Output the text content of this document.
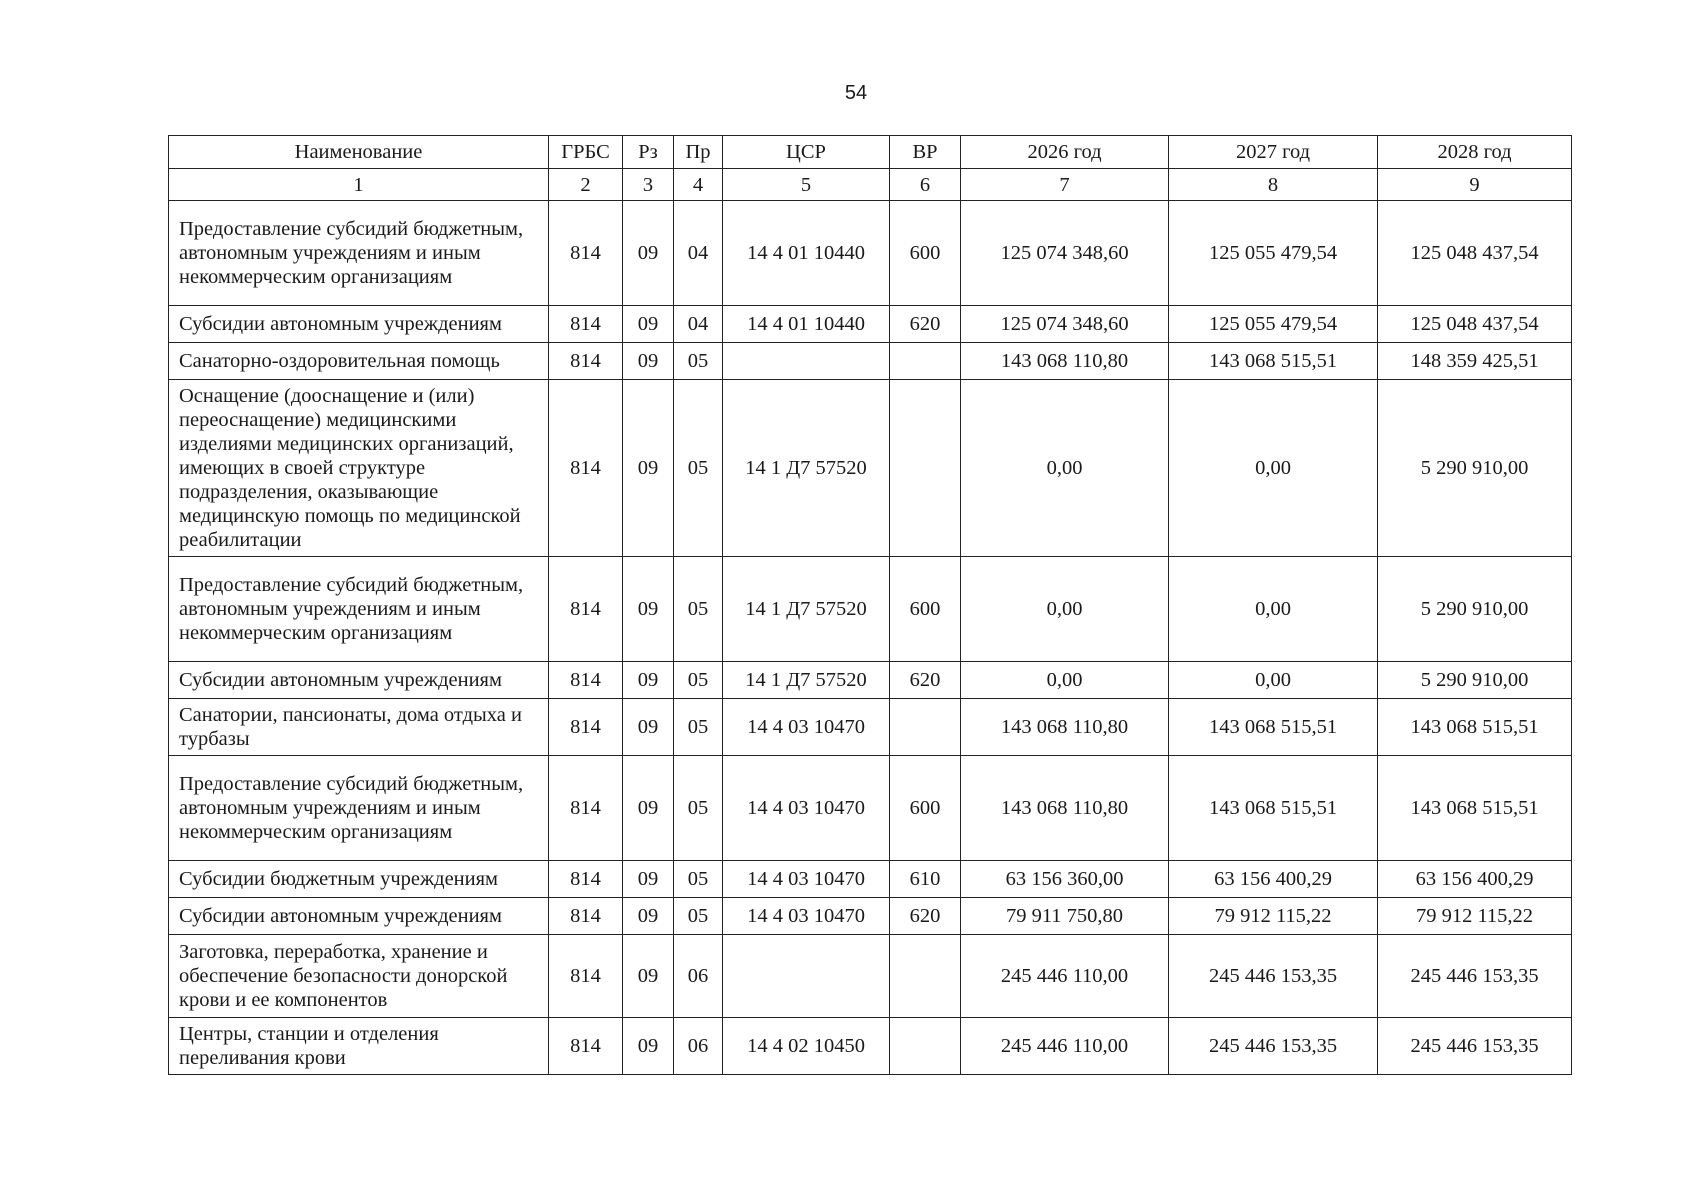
54
Наименование	ГРБС	Рз	Пр	ЦСР	ВР	2026 год	2027 год	2028 год
1	2	3	4	5	6	7	8	9
Предоставление субсидий бюджетным, автономным учреждениям и иным некоммерческим организациям	814	09	04	14 4 01 10440	600	125 074 348,60	125 055 479,54	125 048 437,54
Субсидии автономным учреждениям	814	09	04	14 4 01 10440	620	125 074 348,60	125 055 479,54	125 048 437,54
Санаторно-оздоровительная помощь	814	09	05			143 068 110,80	143 068 515,51	148 359 425,51
Оснащение (дооснащение и (или) переоснащение) медицинскими изделиями медицинских организаций, имеющих в своей структуре подразделения, оказывающие медицинскую помощь по медицинской реабилитации	814	09	05	14 1 Д7 57520		0,00	0,00	5 290 910,00
Предоставление субсидий бюджетным, автономным учреждениям и иным некоммерческим организациям	814	09	05	14 1 Д7 57520	600	0,00	0,00	5 290 910,00
Субсидии автономным учреждениям	814	09	05	14 1 Д7 57520	620	0,00	0,00	5 290 910,00
Санатории, пансионаты, дома отдыха и турбазы	814	09	05	14 4 03 10470		143 068 110,80	143 068 515,51	143 068 515,51
Предоставление субсидий бюджетным, автономным учреждениям и иным некоммерческим организациям	814	09	05	14 4 03 10470	600	143 068 110,80	143 068 515,51	143 068 515,51
Субсидии бюджетным учреждениям	814	09	05	14 4 03 10470	610	63 156 360,00	63 156 400,29	63 156 400,29
Субсидии автономным учреждениям	814	09	05	14 4 03 10470	620	79 911 750,80	79 912 115,22	79 912 115,22
Заготовка, переработка, хранение и обеспечение безопасности донорской крови и ее компонентов	814	09	06			245 446 110,00	245 446 153,35	245 446 153,35
Центры, станции и отделения переливания крови	814	09	06	14 4 02 10450		245 446 110,00	245 446 153,35	245 446 153,35
